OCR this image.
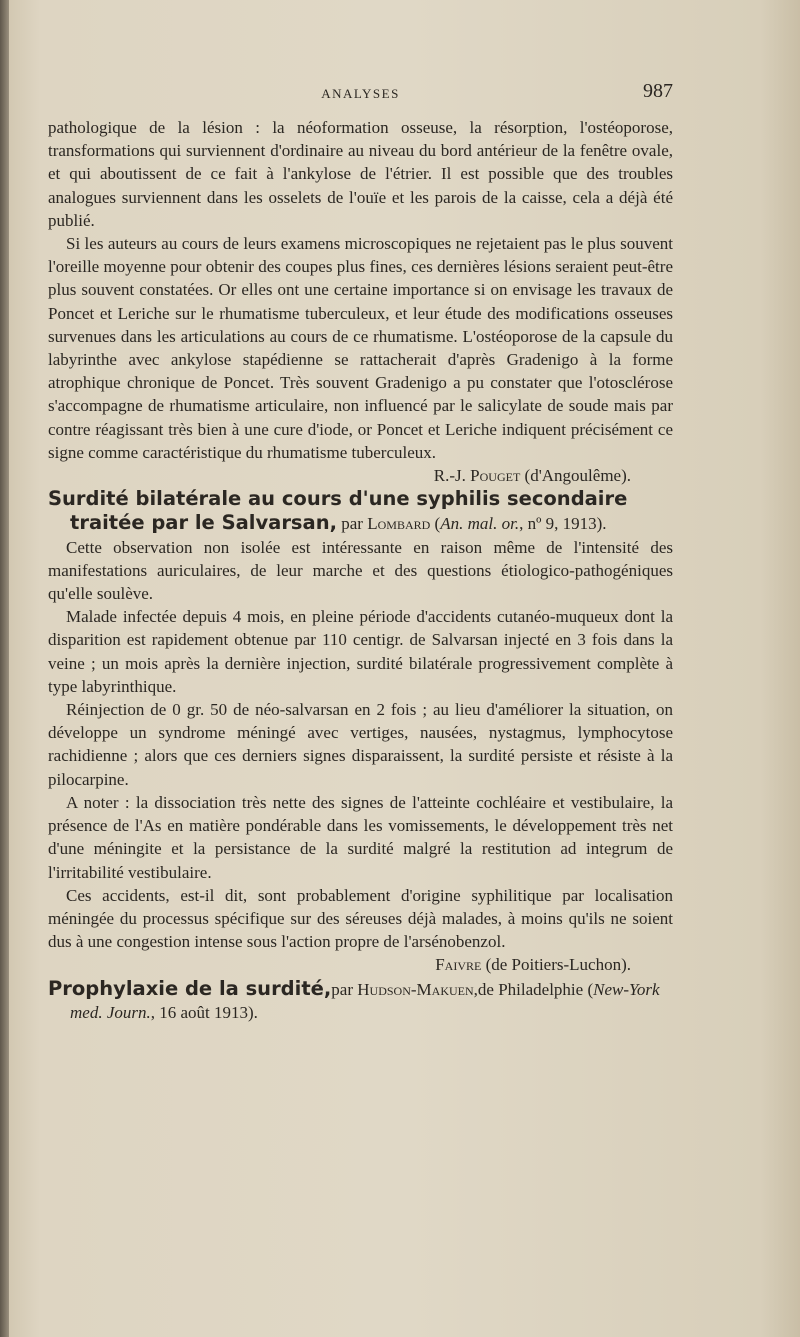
ANALYSES	987

pathologique de la lésion : la néoformation osseuse, la résorption, l'ostéoporose, transformations qui surviennent d'ordinaire au niveau du bord antérieur de la fenêtre ovale, et qui aboutissent de ce fait à l'ankylose de l'étrier. Il est possible que des troubles analogues surviennent dans les osselets de l'ouïe et les parois de la caisse, cela a déjà été publié.

Si les auteurs au cours de leurs examens microscopiques ne rejetaient pas le plus souvent l'oreille moyenne pour obtenir des coupes plus fines, ces dernières lésions seraient peut-être plus souvent constatées. Or elles ont une certaine importance si on envisage les travaux de Poncet et Leriche sur le rhumatisme tuberculeux, et leur étude des modifications osseuses survenues dans les articulations au cours de ce rhumatisme. L'ostéoporose de la capsule du labyrinthe avec ankylose stapédienne se rattacherait d'après Gradenigo à la forme atrophique chronique de Poncet. Très souvent Gradenigo a pu constater que l'otosclérose s'accompagne de rhumatisme articulaire, non influencé par le salicylate de soude mais par contre réagissant très bien à une cure d'iode, or Poncet et Leriche indiquent précisément ce signe comme caractéristique du rhumatisme tuberculeux.

R.-J. Pouget (d'Angoulême).

Surdité bilatérale au cours d'une syphilis secondaire traitée par le Salvarsan, par Lombard (An. mal. or., nº 9, 1913).

Cette observation non isolée est intéressante en raison même de l'intensité des manifestations auriculaires, de leur marche et des questions étiologico-pathogéniques qu'elle soulève.

Malade infectée depuis 4 mois, en pleine période d'accidents cutanéo-muqueux dont la disparition est rapidement obtenue par 110 centigr. de Salvarsan injecté en 3 fois dans la veine ; un mois après la dernière injection, surdité bilatérale progressivement complète à type labyrinthique.

Réinjection de 0 gr. 50 de néo-salvarsan en 2 fois ; au lieu d'améliorer la situation, on développe un syndrome méningé avec vertiges, nausées, nystagmus, lymphocytose rachidienne ; alors que ces derniers signes disparaissent, la surdité persiste et résiste à la pilocarpine.

A noter : la dissociation très nette des signes de l'atteinte cochléaire et vestibulaire, la présence de l'As en matière pondérable dans les vomissements, le développement très net d'une méningite et la persistance de la surdité malgré la restitution ad integrum de l'irritabilité vestibulaire.

Ces accidents, est-il dit, sont probablement d'origine syphilitique par localisation méningée du processus spécifique sur des séreuses déjà malades, à moins qu'ils ne soient dus à une congestion intense sous l'action propre de l'arsénobenzol.

Faivre (de Poitiers-Luchon).

Prophylaxie de la surdité,par Hudson-Makuen,de Philadelphie (New-York med. Journ., 16 août 1913).
